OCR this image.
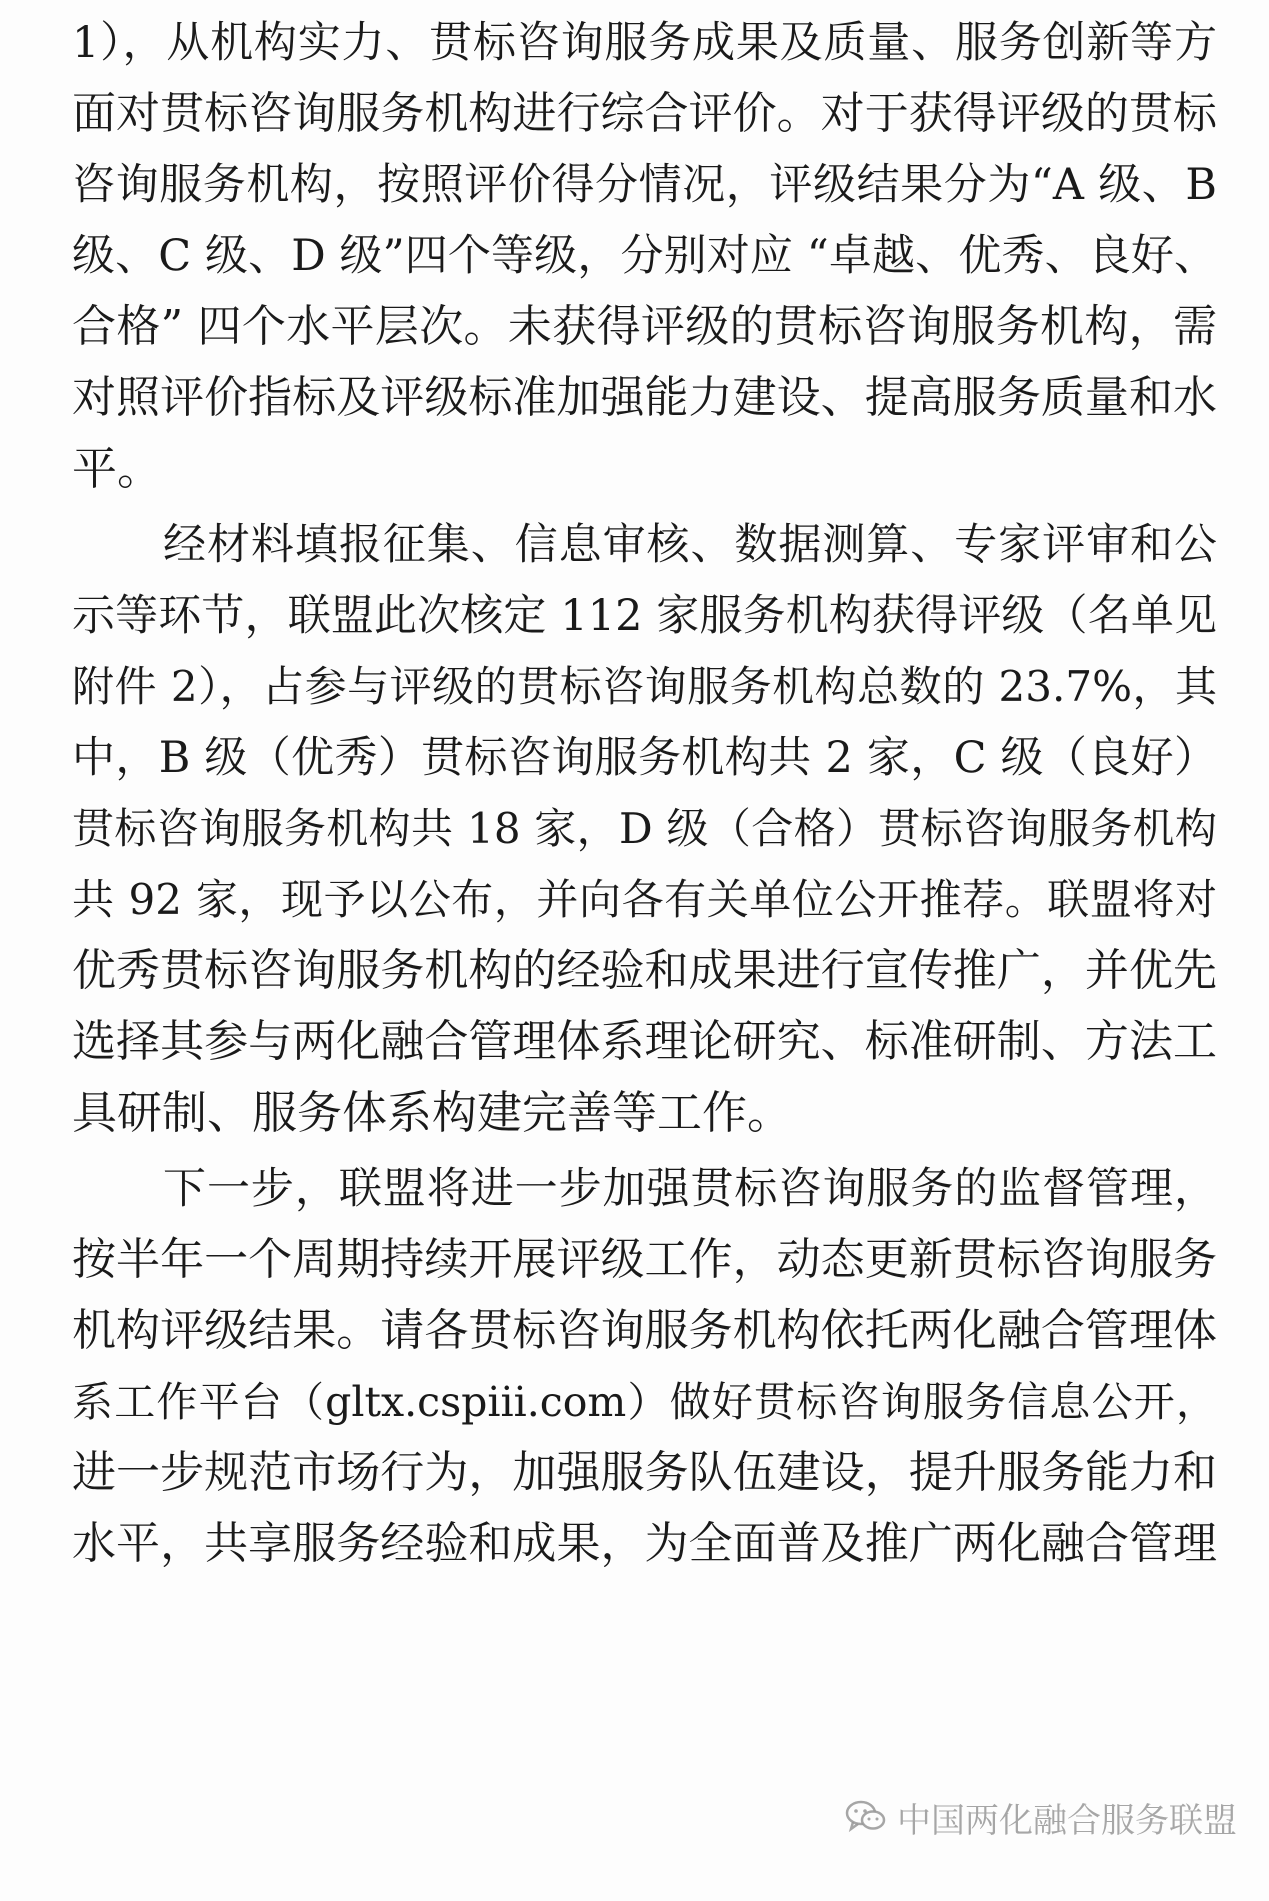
1），从机构实力、贯标咨询服务成果及质量、服务创新等方
面对贯标咨询服务机构进行综合评价。对于获得评级的贯标
咨询服务机构，按照评价得分情况，评级结果分为“A 级、B
级、C 级、D 级”四个等级，分别对应 “卓越、优秀、良好、
合格” 四个水平层次。未获得评级的贯标咨询服务机构，需
对照评价指标及评级标准加强能力建设、提高服务质量和水
平。
经材料填报征集、信息审核、数据测算、专家评审和公
示等环节，联盟此次核定 112 家服务机构获得评级（名单见
附件 2），占参与评级的贯标咨询服务机构总数的 23.7%，其
中，B 级（优秀）贯标咨询服务机构共 2 家，C 级（良好）
贯标咨询服务机构共 18 家，D 级（合格）贯标咨询服务机构
共 92 家，现予以公布，并向各有关单位公开推荐。联盟将对
优秀贯标咨询服务机构的经验和成果进行宣传推广，并优先
选择其参与两化融合管理体系理论研究、标准研制、方法工
具研制、服务体系构建完善等工作。
下一步，联盟将进一步加强贯标咨询服务的监督管理，
按半年一个周期持续开展评级工作，动态更新贯标咨询服务
机构评级结果。请各贯标咨询服务机构依托两化融合管理体
系工作平台（gltx.cspiii.com）做好贯标咨询服务信息公开，
进一步规范市场行为，加强服务队伍建设，提升服务能力和
水平，共享服务经验和成果，为全面普及推广两化融合管理
中国两化融合服务联盟
